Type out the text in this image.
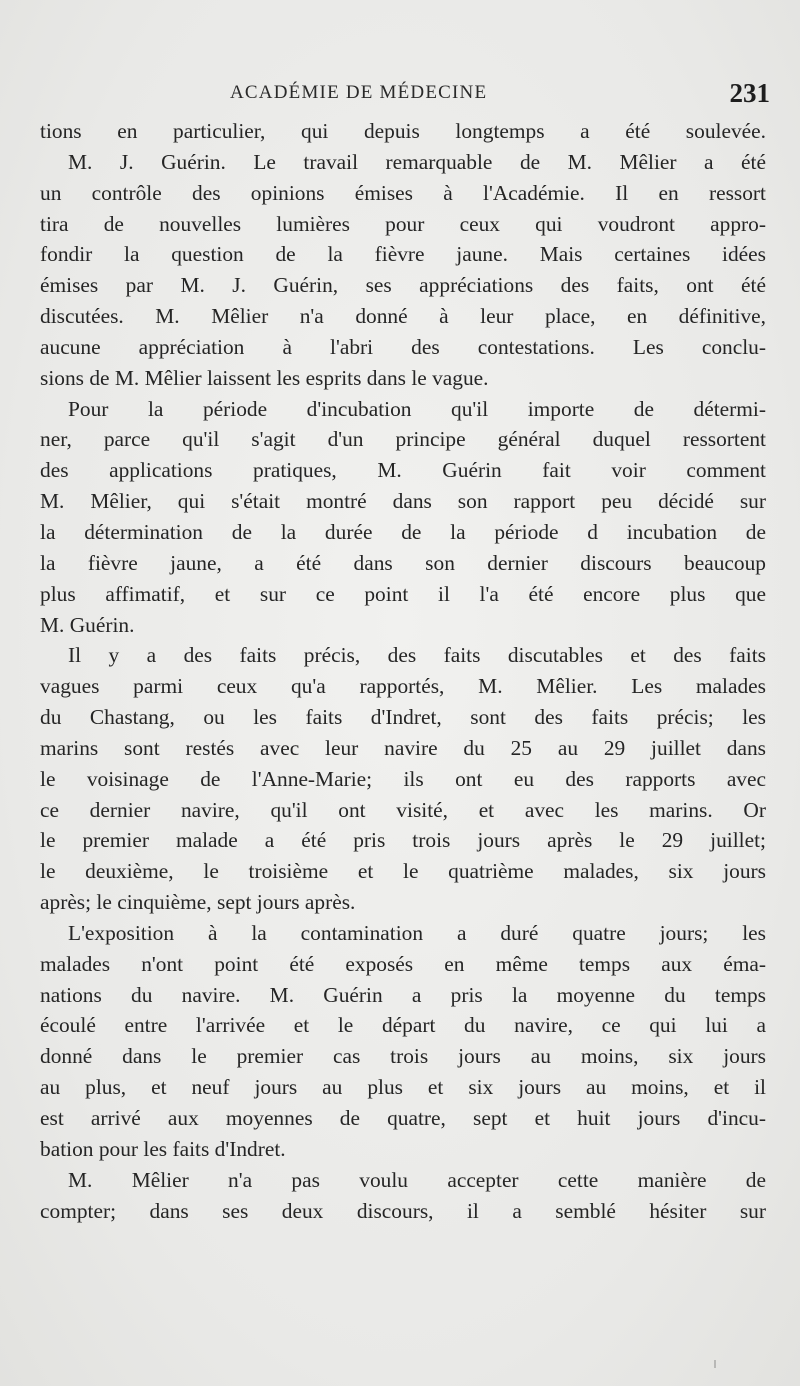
ACADÉMIE DE MÉDECINE	231
tions en particulier, qui depuis longtemps a été soulevée.
M. J. Guérin. Le travail remarquable de M. Mêlier a été
un contrôle des opinions émises à l'Académie. Il en ressort
tira de nouvelles lumières pour ceux qui voudront appro-
fondir la question de la fièvre jaune. Mais certaines idées
émises par M. J. Guérin, ses appréciations des faits, ont été
discutées. M. Mêlier n'a donné à leur place, en définitive,
aucune appréciation à l'abri des contestations. Les conclu-
sions de M. Mêlier laissent les esprits dans le vague.
Pour la période d'incubation qu'il importe de détermi-
ner, parce qu'il s'agit d'un principe général duquel ressortent
des applications pratiques, M. Guérin fait voir comment
M. Mêlier, qui s'était montré dans son rapport peu décidé sur
la détermination de la durée de la période d incubation de
la fièvre jaune, a été dans son dernier discours beaucoup
plus affimatif, et sur ce point il l'a été encore plus que
M. Guérin.
Il y a des faits précis, des faits discutables et des faits
vagues parmi ceux qu'a rapportés, M. Mêlier. Les malades
du Chastang, ou les faits d'Indret, sont des faits précis; les
marins sont restés avec leur navire du 25 au 29 juillet dans
le voisinage de l'Anne-Marie; ils ont eu des rapports avec
ce dernier navire, qu'il ont visité, et avec les marins. Or
le premier malade a été pris trois jours après le 29 juillet;
le deuxième, le troisième et le quatrième malades, six jours
après; le cinquième, sept jours après.
L'exposition à la contamination a duré quatre jours; les
malades n'ont point été exposés en même temps aux éma-
nations du navire. M. Guérin a pris la moyenne du temps
écoulé entre l'arrivée et le départ du navire, ce qui lui a
donné dans le premier cas trois jours au moins, six jours
au plus, et neuf jours au plus et six jours au moins, et il
est arrivé aux moyennes de quatre, sept et huit jours d'incu-
bation pour les faits d'Indret.
M. Mêlier n'a pas voulu accepter cette manière de
compter; dans ses deux discours, il a semblé hésiter sur
